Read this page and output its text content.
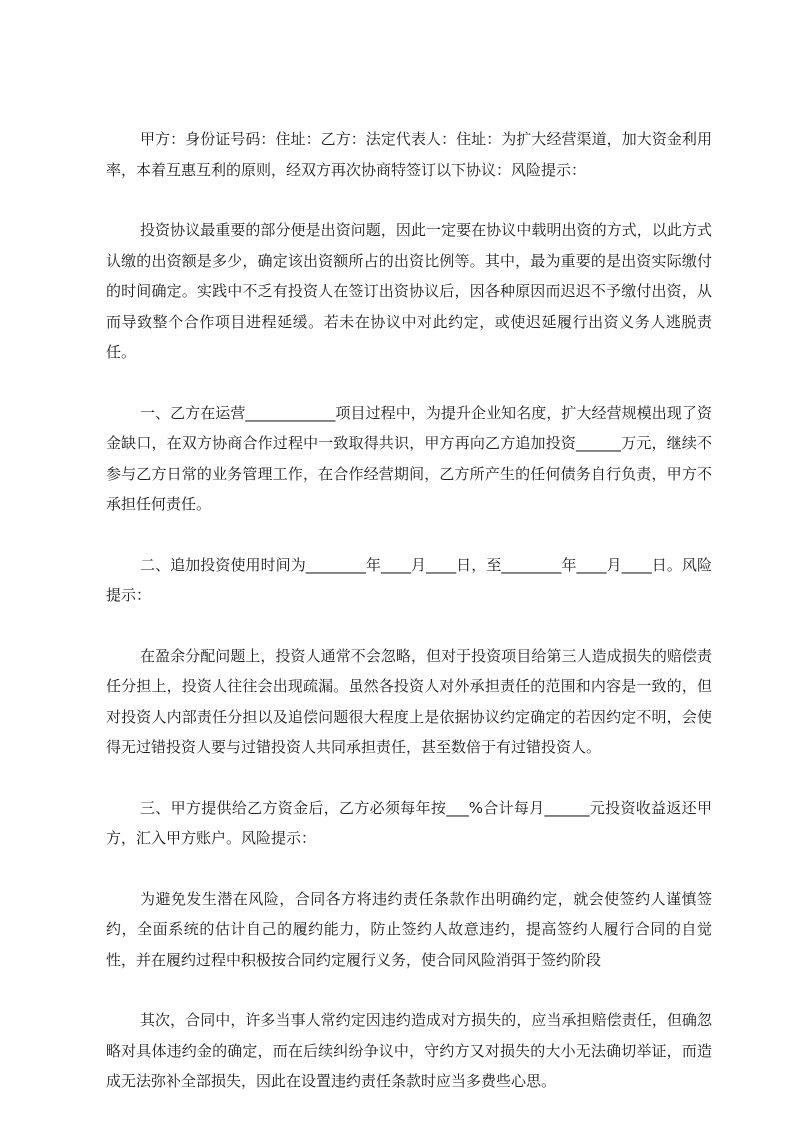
甲方：身份证号码：住址：乙方：法定代表人：住址：为扩大经营渠道，加大资金利用率，本着互惠互利的原则，经双方再次协商特签订以下协议：风险提示：

投资协议最重要的部分便是出资问题，因此一定要在协议中载明出资的方式，以此方式认缴的出资额是多少，确定该出资额所占的出资比例等。其中，最为重要的是出资实际缴付的时间确定。实践中不乏有投资人在签订出资协议后，因各种原因而迟迟不予缴付出资，从而导致整个合作项目进程延缓。若未在协议中对此约定，或使迟延履行出资义务人逃脱责任。

一、乙方在运营____________项目过程中，为提升企业知名度，扩大经营规模出现了资金缺口，在双方协商合作过程中一致取得共识，甲方再向乙方追加投资______万元，继续不参与乙方日常的业务管理工作，在合作经营期间，乙方所产生的任何债务自行负责，甲方不承担任何责任。

二、追加投资使用时间为________年____月____日，至________年____月____日。风险提示：

在盈余分配问题上，投资人通常不会忽略，但对于投资项目给第三人造成损失的赔偿责任分担上，投资人往往会出现疏漏。虽然各投资人对外承担责任的范围和内容是一致的，但对投资人内部责任分担以及追偿问题很大程度上是依据协议约定确定的若因约定不明，会使得无过错投资人要与过错投资人共同承担责任，甚至数倍于有过错投资人。

三、甲方提供给乙方资金后，乙方必须每年按___%合计每月______元投资收益返还甲方，汇入甲方账户。风险提示：

为避免发生潜在风险，合同各方将违约责任条款作出明确约定，就会使签约人谨慎签约，全面系统的估计自己的履约能力，防止签约人故意违约，提高签约人履行合同的自觉性，并在履约过程中积极按合同约定履行义务，使合同风险消弭于签约阶段

其次，合同中，许多当事人常约定因违约造成对方损失的，应当承担赔偿责任，但确忽略对具体违约金的确定，而在后续纠纷争议中，守约方又对损失的大小无法确切举证，而造成无法弥补全部损失，因此在设置违约责任条款时应当多费些心思。
